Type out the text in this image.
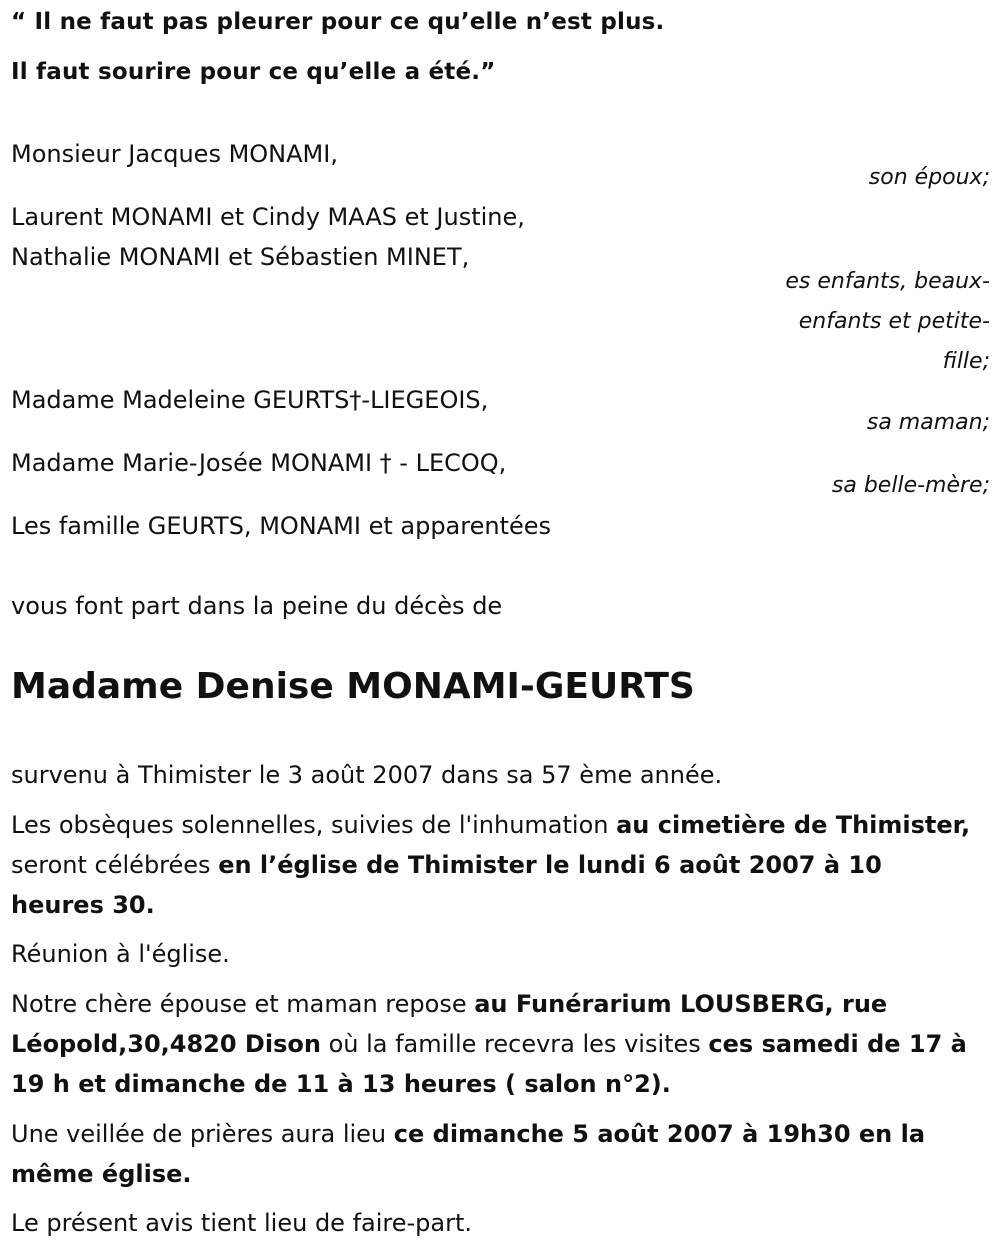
“ Il ne faut pas pleurer pour ce qu’elle n’est plus.

Il faut sourire pour ce qu’elle a été.”

Monsieur Jacques MONAMI,

son époux;

Laurent MONAMI et Cindy MAAS et Justine,

Nathalie MONAMI et Sébastien MINET,

es enfants, beaux-enfants et petite-fille;

Madame Madeleine GEURTS†-LIEGEOIS,

sa maman;

Madame Marie-Josée MONAMI † - LECOQ,

sa belle-mère;

Les famille GEURTS, MONAMI et apparentées

vous font part dans la peine du décès de

Madame Denise MONAMI-GEURTS

survenu à Thimister le 3 août 2007 dans sa 57 ème année.

Les obsèques solennelles, suivies de l'inhumation au cimetière de Thimister, seront célébrées en l’église de Thimister le lundi 6 août 2007 à 10 heures 30.

Réunion à l'église.

Notre chère épouse et maman repose au Funérarium LOUSBERG, rue Léopold,30,4820 Dison où la famille recevra les visites ces samedi de 17 à 19 h et dimanche de 11 à 13 heures ( salon n°2).

Une veillée de prières aura lieu ce dimanche 5 août 2007 à 19h30 en la même église.

Le présent avis tient lieu de faire-part.
